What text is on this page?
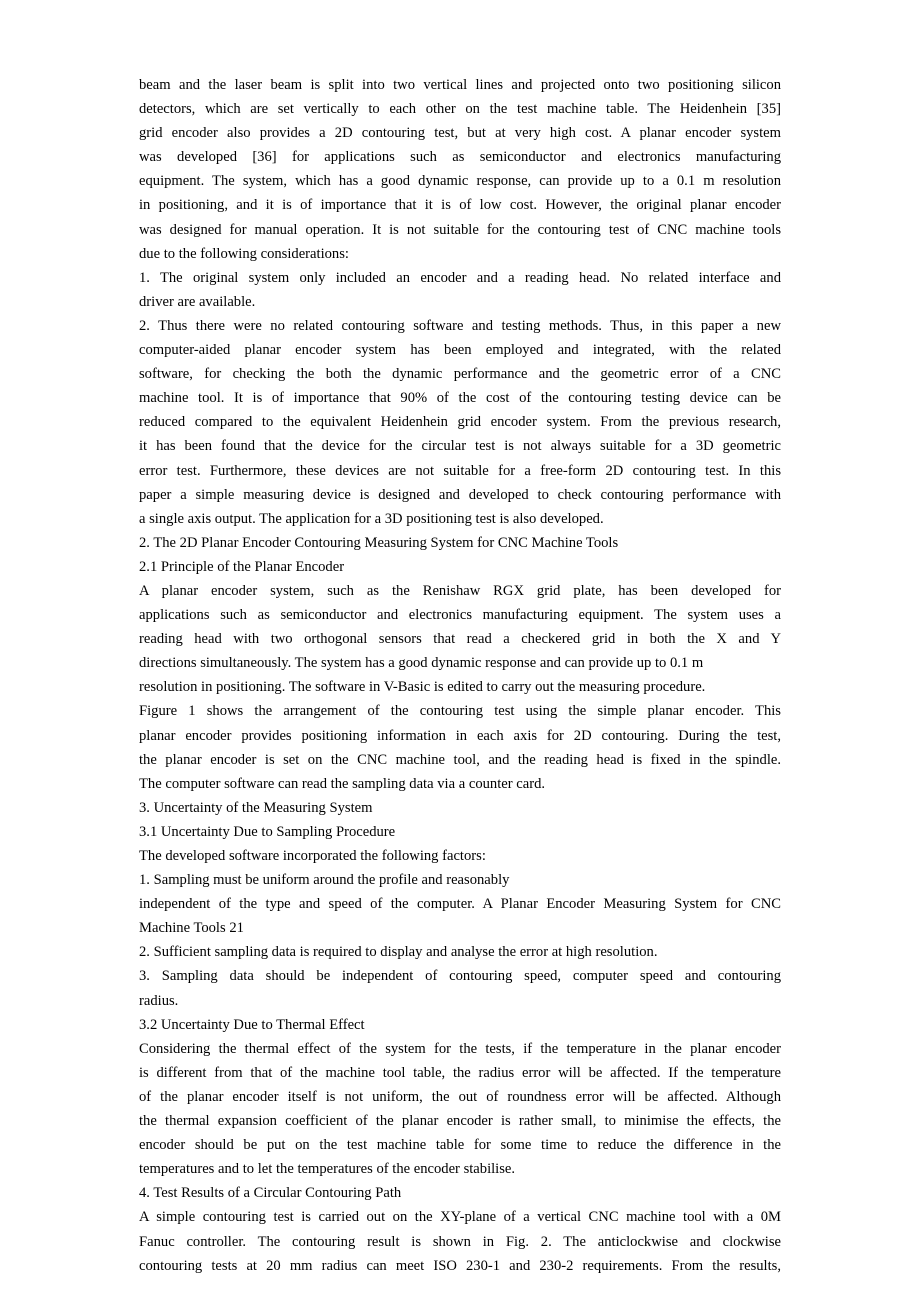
beam and the laser beam is split into two vertical lines and projected onto two positioning silicon
detectors, which are set vertically to each other on the test machine table. The Heidenhein [35]
grid encoder also provides a 2D contouring test, but at very high cost. A planar encoder system
was developed [36] for applications such as semiconductor and electronics manufacturing
equipment. The system, which has a good dynamic response, can provide up to a 0.1 m resolution
in positioning, and it is of importance that it is of low cost. However, the original planar encoder
was designed for manual operation. It is not suitable for the contouring test of CNC machine tools
due to the following considerations:
1. The original system only included an encoder and a reading head. No related interface and
driver are available.
2. Thus there were no related contouring software and testing methods. Thus, in this paper a new
computer-aided planar encoder system has been employed and integrated, with the related
software, for checking the both the dynamic performance and the geometric error of a CNC
machine tool. It is of importance that 90% of the cost of the contouring testing device can be
reduced compared to the equivalent Heidenhein grid encoder system. From the previous research,
it has been found that the device for the circular test is not always suitable for a 3D geometric
error test. Furthermore, these devices are not suitable for a free-form 2D contouring test. In this
paper a simple measuring device is designed and developed to check contouring performance with
a single axis output. The application for a 3D positioning test is also developed.
2. The 2D Planar Encoder Contouring Measuring System for CNC Machine Tools
2.1 Principle of the Planar Encoder
A planar encoder system, such as the Renishaw RGX grid plate, has been developed for
applications such as semiconductor and electronics manufacturing equipment. The system uses a
reading head with two orthogonal sensors that read a checkered grid in both the X and Y
directions simultaneously. The system has a good dynamic response and can provide up to 0.1 m
resolution in positioning. The software in V-Basic is edited to carry out the measuring procedure.
Figure 1 shows the arrangement of the contouring test using the simple planar encoder. This
planar encoder provides positioning information in each axis for 2D contouring. During the test,
the planar encoder is set on the CNC machine tool, and the reading head is fixed in the spindle.
The computer software can read the sampling data via a counter card.
3. Uncertainty of the Measuring System
3.1 Uncertainty Due to Sampling Procedure
The developed software incorporated the following factors:
1. Sampling must be uniform around the profile and reasonably
independent of the type and speed of the computer. A Planar Encoder Measuring System for CNC
Machine Tools 21
2. Sufficient sampling data is required to display and analyse the error at high resolution.
3. Sampling data should be independent of contouring speed, computer speed and contouring
radius.
3.2 Uncertainty Due to Thermal Effect
Considering the thermal effect of the system for the tests, if the temperature in the planar encoder
is different from that of the machine tool table, the radius error will be affected. If the temperature
of the planar encoder itself is not uniform, the out of roundness error will be affected. Although
the thermal expansion coefficient of the planar encoder is rather small, to minimise the effects, the
encoder should be put on the test machine table for some time to reduce the difference in the
temperatures and to let the temperatures of the encoder stabilise.
4. Test Results of a Circular Contouring Path
A simple contouring test is carried out on the XY-plane of a vertical CNC machine tool with a 0M
Fanuc controller. The contouring result is shown in Fig. 2. The anticlockwise and clockwise
contouring tests at 20 mm radius can meet ISO 230-1 and 230-2 requirements. From the results,
